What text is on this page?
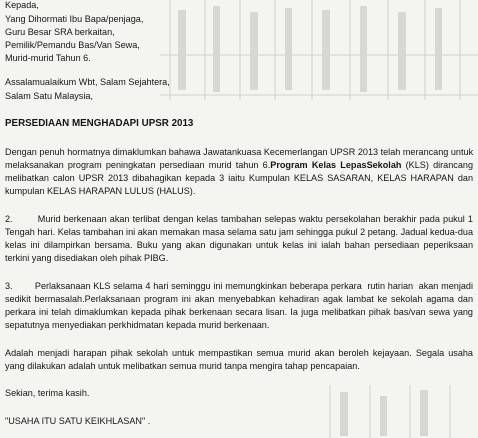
Kepada,
Yang Dihormati Ibu Bapa/penjaga,
Guru Besar SRA berkaitan,
Pemilik/Pemandu Bas/Van Sewa,
Murid-murid Tahun 6.
Assalamualaikum Wbt, Salam Sejahtera,
Salam Satu Malaysia,
PERSEDIAAN MENGHADAPI UPSR 2013
Dengan penuh hormatnya dimaklumkan bahawa Jawatankuasa Kecemerlangan UPSR 2013 telah merancang untuk
melaksanakan program peningkatan persediaan murid tahun 6.Program Kelas LepasSekolah (KLS) dirancang
melibatkan calon UPSR 2013 dibahagikan kepada 3 iaitu Kumpulan KELAS SASARAN, KELAS HARAPAN dan
kumpulan KELAS HARAPAN LULUS (HALUS).
2.	Murid berkenaan akan terlibat dengan kelas tambahan selepas waktu persekolahan berakhir pada pukul 1
Tengah hari. Kelas tambahan ini akan memakan masa selama satu jam sehingga pukul 2 petang. Jadual kedua-dua
kelas ini dilampirkan bersama. Buku yang akan digunakan untuk kelas ini ialah bahan persediaan peperiksaan
terkini yang disediakan oleh pihak PIBG.
3. Perlaksanaan KLS selama 4 hari seminggu ini memungkinkan beberapa perkara  rutin harian  akan menjadi
sedikit bermasalah.Perlaksanaan program ini akan menyebabkan kehadiran agak lambat ke sekolah agama dan
perkara ini telah dimaklumkan kepada pihak berkenaan secara lisan. Ia juga melibatkan pihak bas/van sewa yang
sepatutnya menyediakan perkhidmatan kepada murid berkenaan.
Adalah menjadi harapan pihak sekolah untuk mempastikan semua murid akan beroleh kejayaan. Segala usaha
yang dilakukan adalah untuk melibatkan semua murid tanpa mengira tahap pencapaian.
Sekian, terima kasih.
"USAHA ITU SATU KEIKHLASAN" .
